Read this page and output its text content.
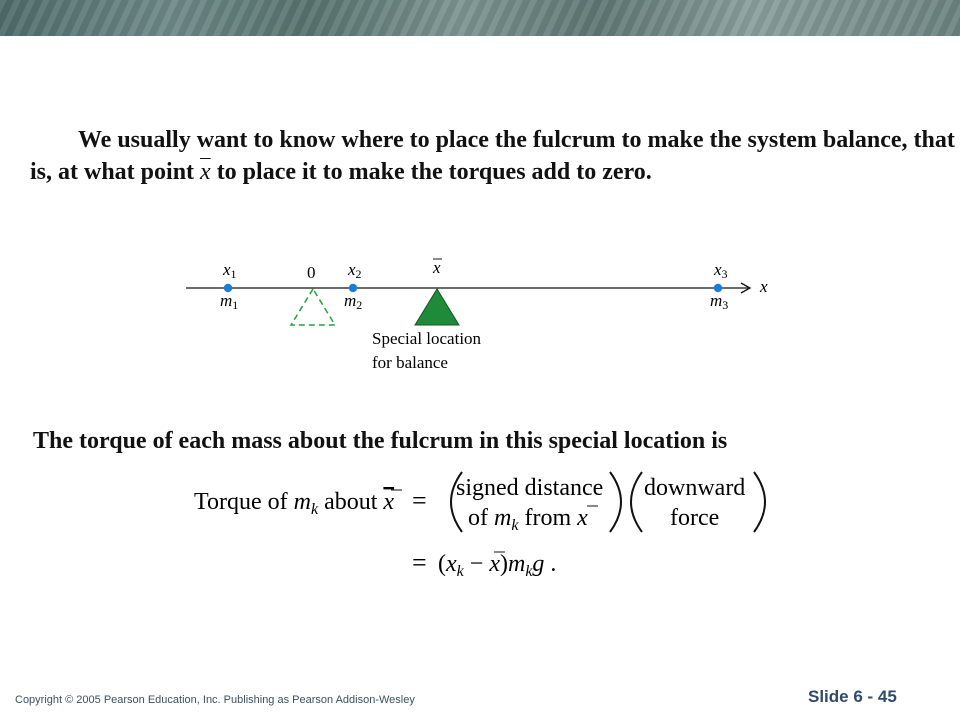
We usually want to know where to place the fulcrum to make the system balance, that
is, at what point $\overline{x}$ to place it to make the torques add to zero.
x
x1	0 x2	x	x3
m1	m2	m3
Special location
for balance
The torque of each mass about the fulcrum in this special location is
Torque of $m_k$ about x = signed distance
of $m_k$ from x
downward
force
= $(x_k - x)m_kg$ .
Copyright © 2005 Pearson Education, Inc. Publishing as Pearson Addison-Wesley	Slide 6 - 45
